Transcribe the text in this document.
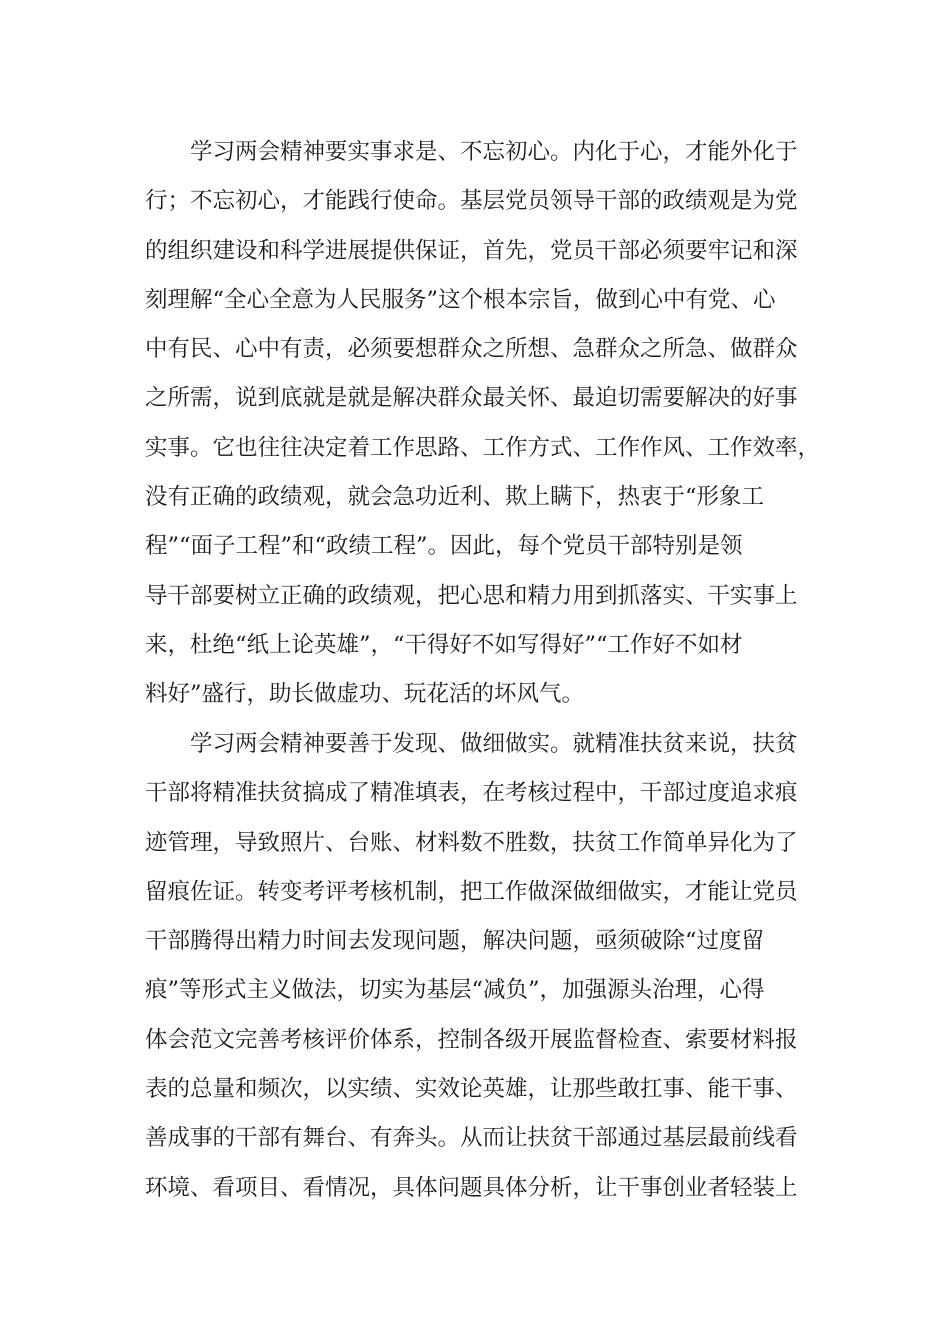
　　学习两会精神要实事求是、不忘初心。内化于心，才能外化于
行；不忘初心，才能践行使命。基层党员领导干部的政绩观是为党
的组织建设和科学进展提供保证，首先，党员干部必须要牢记和深
刻理解“全心全意为人民服务”这个根本宗旨，做到心中有党、心
中有民、心中有责，必须要想群众之所想、急群众之所急、做群众
之所需，说到底就是就是解决群众最关怀、最迫切需要解决的好事
实事。它也往往决定着工作思路、工作方式、工作作风、工作效率，
没有正确的政绩观，就会急功近利、欺上瞒下，热衷于“形象工
程”“面子工程”和“政绩工程”。因此，每个党员干部特别是领
导干部要树立正确的政绩观，把心思和精力用到抓落实、干实事上
来，杜绝“纸上论英雄”，“干得好不如写得好”“工作好不如材
料好”盛行，助长做虚功、玩花活的坏风气。
　　学习两会精神要善于发现、做细做实。就精准扶贫来说，扶贫
干部将精准扶贫搞成了精准填表，在考核过程中，干部过度追求痕
迹管理，导致照片、台账、材料数不胜数，扶贫工作简单异化为了
留痕佐证。转变考评考核机制，把工作做深做细做实，才能让党员
干部腾得出精力时间去发现问题，解决问题，亟须破除“过度留
痕”等形式主义做法，切实为基层“减负”，加强源头治理，心得
体会范文完善考核评价体系，控制各级开展监督检查、索要材料报
表的总量和频次，以实绩、实效论英雄，让那些敢扛事、能干事、
善成事的干部有舞台、有奔头。从而让扶贫干部通过基层最前线看
环境、看项目、看情况，具体问题具体分析，让干事创业者轻装上
